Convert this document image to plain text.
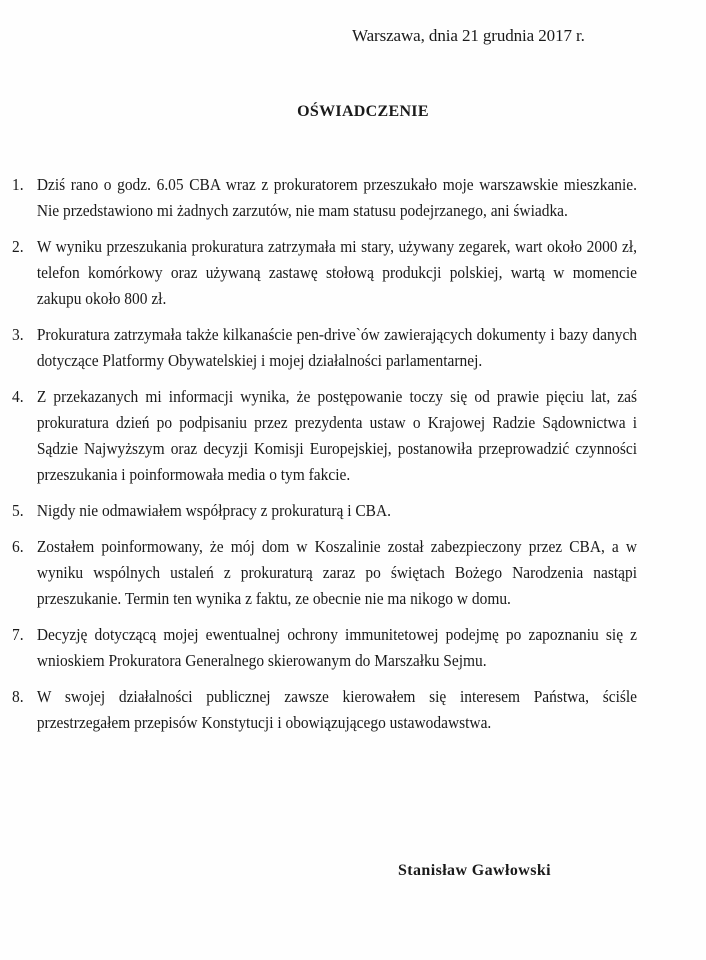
Warszawa, dnia 21 grudnia 2017 r.
OŚWIADCZENIE
1. Dziś rano o godz. 6.05 CBA wraz z prokuratorem przeszukało moje warszawskie mieszkanie. Nie przedstawiono mi żadnych zarzutów, nie mam statusu podejrzanego, ani świadka.
2. W wyniku przeszukania prokuratura zatrzymała mi stary, używany zegarek, wart około 2000 zł, telefon komórkowy oraz używaną zastawę stołową produkcji polskiej, wartą w momencie zakupu około 800 zł.
3. Prokuratura zatrzymała także kilkanaście pen-drive`ów zawierających dokumenty i bazy danych dotyczące Platformy Obywatelskiej i mojej działalności parlamentarnej.
4. Z przekazanych mi informacji wynika, że postępowanie toczy się od prawie pięciu lat, zaś prokuratura dzień po podpisaniu przez prezydenta ustaw o Krajowej Radzie Sądownictwa i Sądzie Najwyższym oraz decyzji Komisji Europejskiej, postanowiła przeprowadzić czynności przeszukania i poinformowała media o tym fakcie.
5. Nigdy nie odmawiałem współpracy z prokuraturą i CBA.
6. Zostałem poinformowany, że mój dom w Koszalinie został zabezpieczony przez CBA, a w wyniku wspólnych ustaleń z prokuraturą zaraz po świętach Bożego Narodzenia nastąpi przeszukanie. Termin ten wynika z faktu, ze obecnie nie ma nikogo w domu.
7. Decyzję dotyczącą mojej ewentualnej ochrony immunitetowej podejmę po zapoznaniu się z wnioskiem Prokuratora Generalnego skierowanym do Marszałku Sejmu.
8. W swojej działalności publicznej zawsze kierowałem się interesem Państwa, ściśle przestrzegałem przepisów Konstytucji i obowiązującego ustawodawstwa.
Stanisław Gawłowski
